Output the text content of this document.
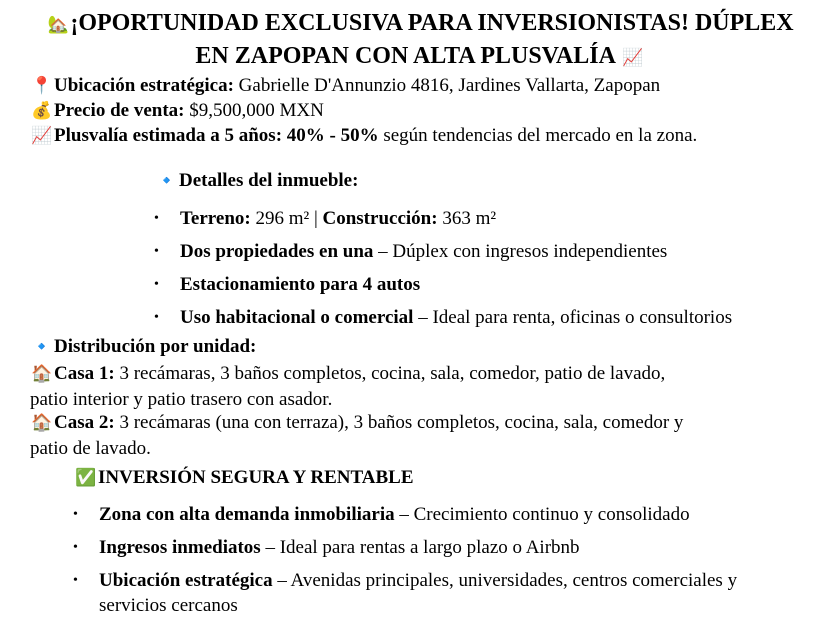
🏡¡OPORTUNIDAD EXCLUSIVA PARA INVERSIONISTAS! DÚPLEX
EN ZAPOPAN CON ALTA PLUSVALÍA 📈
📍Ubicación estratégica: Gabrielle D'Annunzio 4816, Jardines Vallarta, Zapopan
💰Precio de venta: $9,500,000 MXN
📈Plusvalía estimada a 5 años: 40% - 50% según tendencias del mercado en la zona.
🔹Detalles del inmueble:
• Terreno: 296 m² | Construcción: 363 m²
• Dos propiedades en una – Dúplex con ingresos independientes
• Estacionamiento para 4 autos
• Uso habitacional o comercial – Ideal para renta, oficinas o consultorios
🔹Distribución por unidad:
🏠Casa 1: 3 recámaras, 3 baños completos, cocina, sala, comedor, patio de lavado,
patio interior y patio trasero con asador.
🏠Casa 2: 3 recámaras (una con terraza), 3 baños completos, cocina, sala, comedor y
patio de lavado.
✅INVERSIÓN SEGURA Y RENTABLE
• Zona con alta demanda inmobiliaria – Crecimiento continuo y consolidado
• Ingresos inmediatos – Ideal para rentas a largo plazo o Airbnb
• Ubicación estratégica – Avenidas principales, universidades, centros comerciales y
servicios cercanos
